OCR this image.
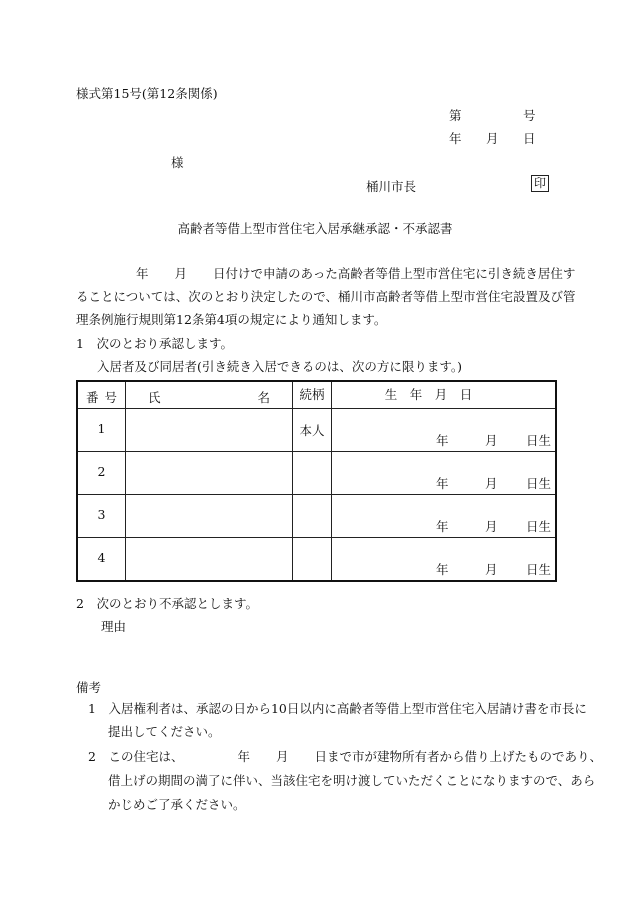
様式第15号(第12条関係)
第	号
年 月 日
様
桶川市長	印
高齢者等借上型市営住宅入居承継承認・不承認書
年 月 日付けで申請のあった高齢者等借上型市営住宅に引き続き居住す
ることについては、次のとおり決定したので、桶川市高齢者等借上型市営住宅設置及び管
理条例施行規則第12条第4項の規定により通知します。
1　次のとおり承認します。
入居者及び同居者(引き続き入居できるのは、次の方に限ります。)
番 号	氏 名	続柄	生　年　月　日

1		本人	年 月 日生

2			年 月 日生

3			年 月 日生

4			年 月 日生
2　次のとおり不承認とします。
理由
備考
1　入居権利者は、承認の日から10日以内に高齢者等借上型市営住宅入居請け書を市長に
提出してください。
2　この住宅は、	年 月 日まで市が建物所有者から借り上げたものであり、
借上げの期間の満了に伴い、当該住宅を明け渡していただくことになりますので、あら
かじめご了承ください。
